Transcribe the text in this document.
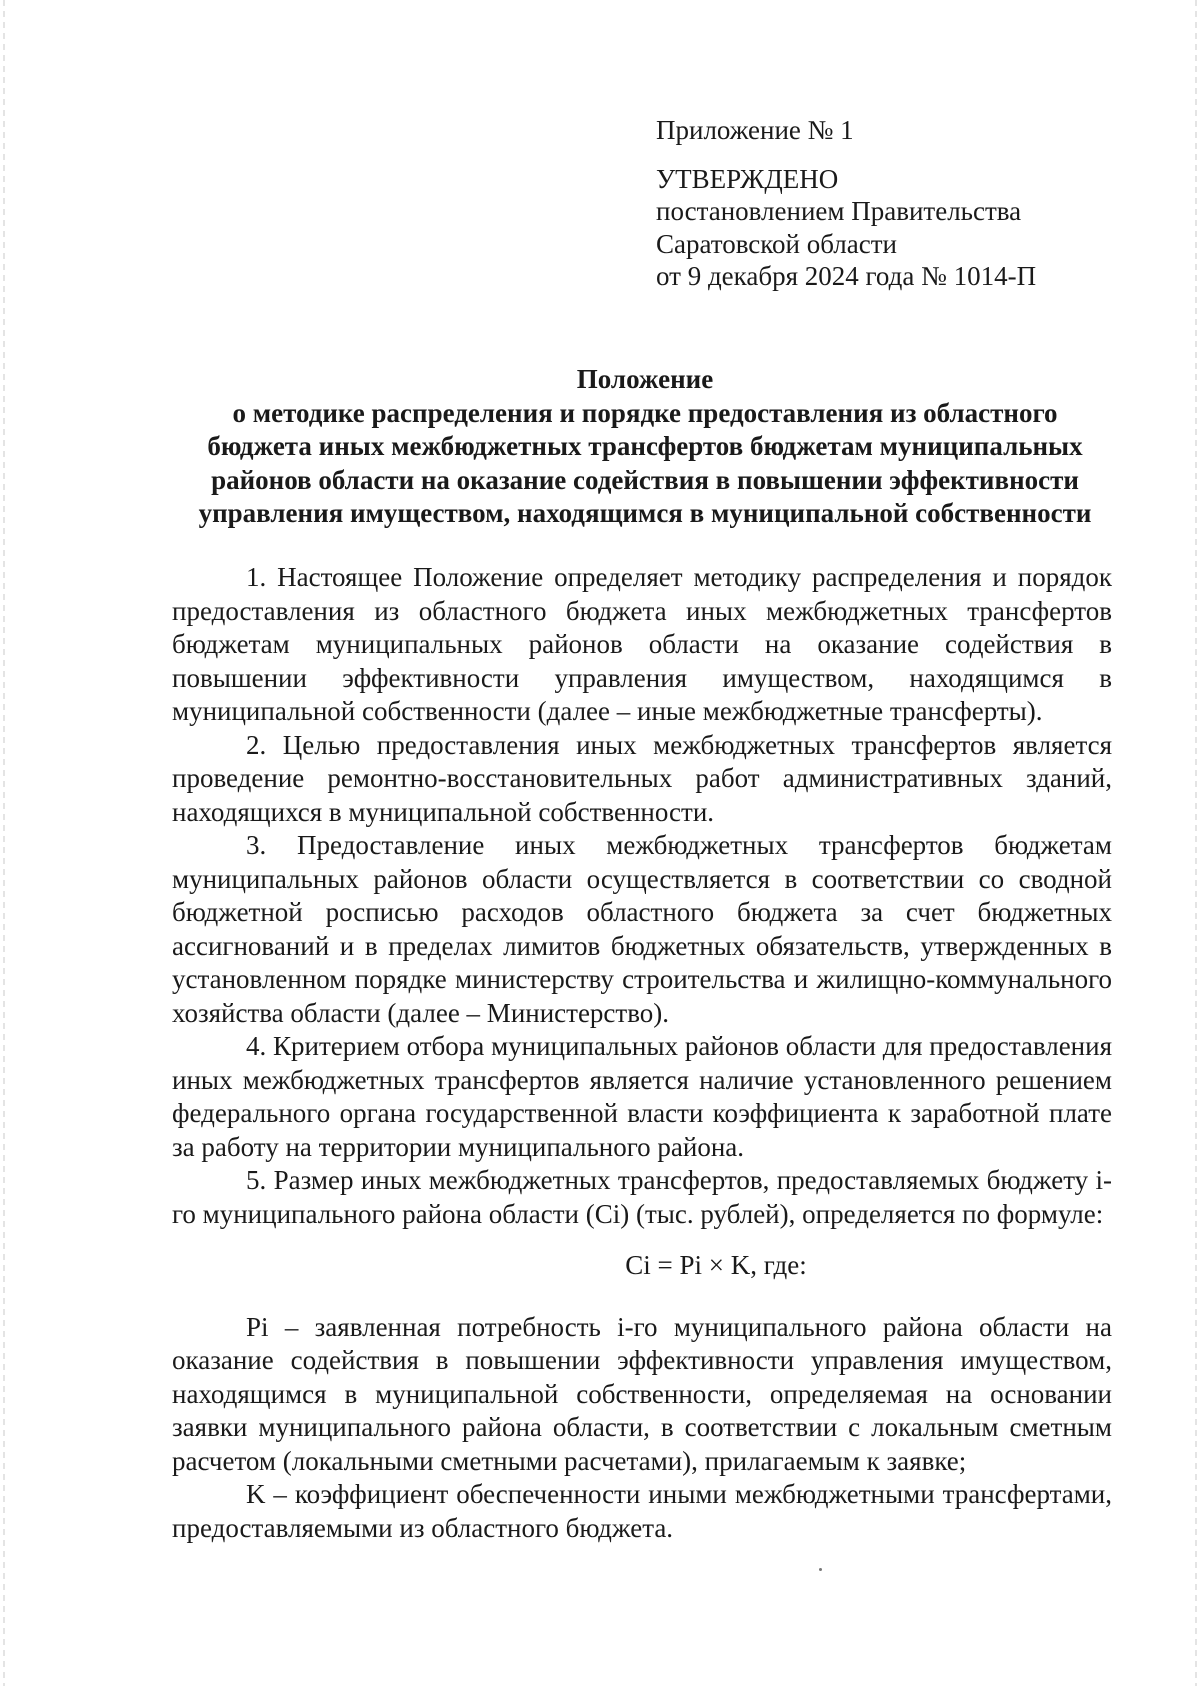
Приложение № 1
УТВЕРЖДЕНО
постановлением Правительства
Саратовской области
от 9 декабря 2024 года № 1014-П
Положение
о методике распределения и порядке предоставления из областного
бюджета иных межбюджетных трансфертов бюджетам муниципальных
районов области на оказание содействия в повышении эффективности
управления имуществом, находящимся в муниципальной собственности

1. Настоящее Положение определяет методику распределения и порядок предоставления из областного бюджета иных межбюджетных трансфертов бюджетам муниципальных районов области на оказание содействия в повышении эффективности управления имуществом, находящимся в муниципальной собственности (далее – иные межбюджетные трансферты).

2. Целью предоставления иных межбюджетных трансфертов является проведение ремонтно-восстановительных работ административных зданий, находящихся в муниципальной собственности.

3. Предоставление иных межбюджетных трансфертов бюджетам муниципальных районов области осуществляется в соответствии со сводной бюджетной росписью расходов областного бюджета за счет бюджетных ассигнований и в пределах лимитов бюджетных обязательств, утвержденных в установленном порядке министерству строительства и жилищно-коммунального хозяйства области (далее – Министерство).

4. Критерием отбора муниципальных районов области для предоставления иных межбюджетных трансфертов является наличие установленного решением федерального органа государственной власти коэффициента к заработной плате за работу на территории муниципального района.

5. Размер иных межбюджетных трансфертов, предоставляемых бюджету i-го муниципального района области (Ci) (тыс. рублей), определяется по формуле:

Ci = Pi × K, где:

Pi – заявленная потребность i-го муниципального района области на оказание содействия в повышении эффективности управления имуществом, находящимся в муниципальной собственности, определяемая на основании заявки муниципального района области, в соответствии с локальным сметным расчетом (локальными сметными расчетами), прилагаемым к заявке;

K – коэффициент обеспеченности иными межбюджетными трансфертами, предоставляемыми из областного бюджета.
